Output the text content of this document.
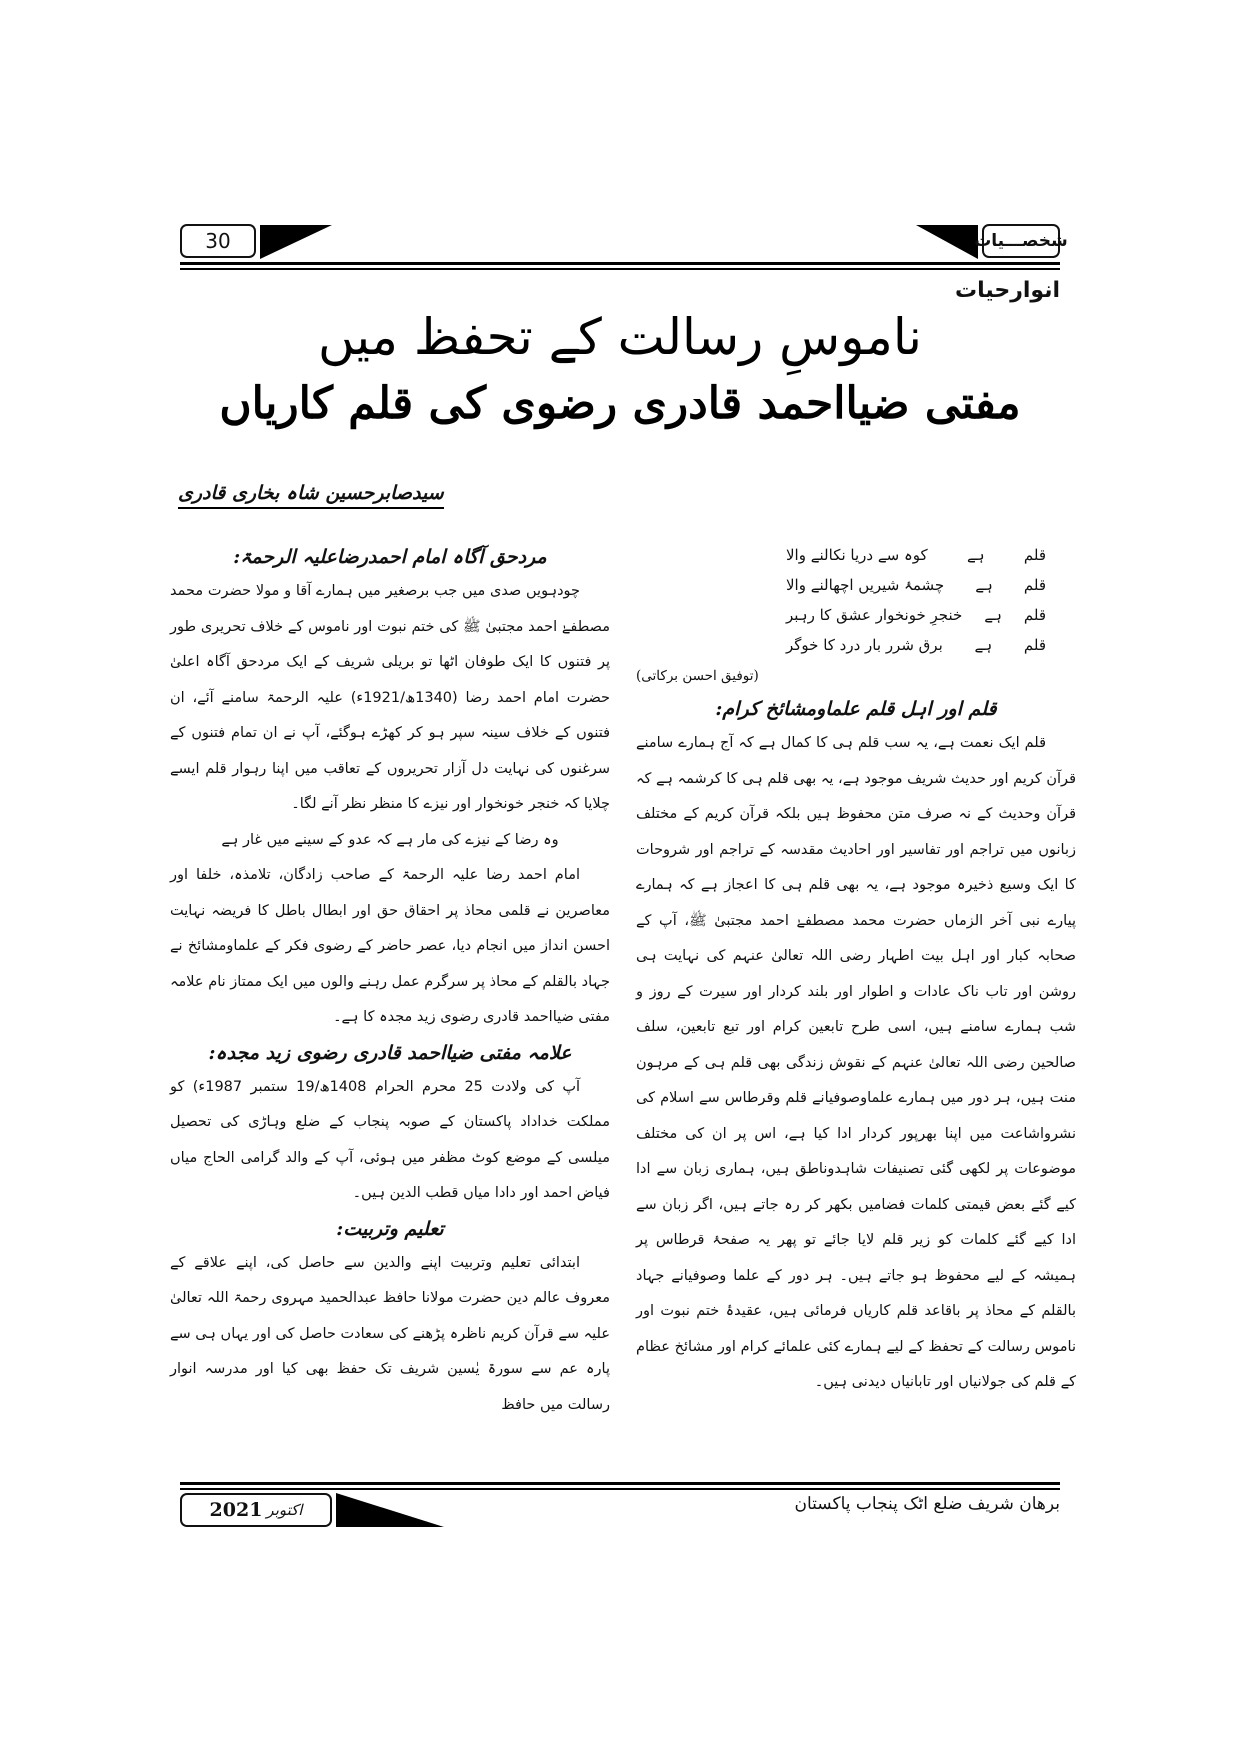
30	شخصـــیات
انوارحیات
ناموسِ رسالت کے تحفظ میں
مفتی ضیااحمد قادری رضوی کی قلم کاریاں
سیدصابرحسین شاہ بخاری قادری
قلم
ہے
کوہ سے دریا نکالنے والا
قلم
ہے
چشمۂ شیریں اچھالنے والا
قلم
ہے
خنجرِ خونخوار عشق کا رہبر
قلم
ہے
برق شرر بار درد کا خوگر
(توفیق احسن برکاتی)
قلم اور اہل قلم علماومشائخ کرام:

قلم ایک نعمت ہے، یہ سب قلم ہی کا کمال ہے کہ آج ہمارے سامنے قرآن کریم اور حدیث شریف موجود ہے، یہ بھی قلم ہی کا کرشمہ ہے کہ قرآن وحدیث کے نہ صرف متن محفوظ ہیں بلکہ قرآن کریم کے مختلف زبانوں میں تراجم اور تفاسیر اور احادیث مقدسہ کے تراجم اور شروحات کا ایک وسیع ذخیرہ موجود ہے، یہ بھی قلم ہی کا اعجاز ہے کہ ہمارے پیارے نبی آخر الزماں حضرت محمد مصطفےٰ احمد مجتبیٰ ﷺ، آپ کے صحابہ کبار اور اہل بیت اطہار رضی اللہ تعالیٰ عنہم کی نہایت ہی روشن اور تاب ناک عادات و اطوار اور بلند کردار اور سیرت کے روز و شب ہمارے سامنے ہیں، اسی طرح تابعین کرام اور تبع تابعین، سلف صالحین رضی اللہ تعالیٰ عنہم کے نقوش زندگی بھی قلم ہی کے مرہون منت ہیں، ہر دور میں ہمارے علماوصوفیانے قلم وقرطاس سے اسلام کی نشرواشاعت میں اپنا بھرپور کردار ادا کیا ہے، اس پر ان کی مختلف موضوعات پر لکھی گئی تصنیفات شاہدوناطق ہیں، ہماری زبان سے ادا کیے گئے بعض قیمتی کلمات فضامیں بکھر کر رہ جاتے ہیں، اگر زبان سے ادا کیے گئے کلمات کو زیر قلم لایا جائے تو پھر یہ صفحۂ قرطاس پر ہمیشہ کے لیے محفوظ ہو جاتے ہیں۔ ہر دور کے علما وصوفیانے جہاد بالقلم کے محاذ پر باقاعد قلم کاریاں فرمائی ہیں، عقیدۂ ختم نبوت اور ناموس رسالت کے تحفظ کے لیے ہمارے کئی علمائے کرام اور مشائخ عظام کے قلم کی جولانیاں اور تابانیاں دیدنی ہیں۔

مردحق آگاہ امام احمدرضاعلیہ الرحمۃ:

چودہویں صدی میں جب برصغیر میں ہمارے آقا و مولا حضرت محمد مصطفےٰ احمد مجتبیٰ ﷺ کی ختم نبوت اور ناموس کے خلاف تحریری طور پر فتنوں کا ایک طوفان اٹھا تو بریلی شریف کے ایک مردحق آگاہ اعلیٰ حضرت امام احمد رضا (1340ھ/1921ء) علیہ الرحمۃ سامنے آئے، ان فتنوں کے خلاف سینہ سپر ہو کر کھڑے ہوگئے، آپ نے ان تمام فتنوں کے سرغنوں کی نہایت دل آزار تحریروں کے تعاقب میں اپنا رہوار قلم ایسے چلایا کہ خنجر خونخوار اور نیزے کا منظر نظر آنے لگا۔

وہ رضا کے نیزے کی مار ہے کہ عدو کے سینے میں غار ہے

امام احمد رضا علیہ الرحمۃ کے صاحب زادگان، تلامذہ، خلفا اور معاصرین نے قلمی محاذ پر احقاق حق اور ابطال باطل کا فریضہ نہایت احسن انداز میں انجام دیا، عصر حاضر کے رضوی فکر کے علماومشائخ نے جہاد بالقلم کے محاذ پر سرگرم عمل رہنے والوں میں ایک ممتاز نام علامہ مفتی ضیااحمد قادری رضوی زید مجدہ کا ہے۔

علامہ مفتی ضیااحمد قادری رضوی زید مجدہ:

آپ کی ولادت 25 محرم الحرام 1408ھ/19 ستمبر 1987ء) کو مملکت خداداد پاکستان کے صوبہ پنجاب کے ضلع وہاڑی کی تحصیل میلسی کے موضع کوٹ مظفر میں ہوئی، آپ کے والد گرامی الحاج میاں فیاض احمد اور دادا میاں قطب الدین ہیں۔

تعلیم وتربیت:

ابتدائی تعلیم وتربیت اپنے والدین سے حاصل کی، اپنے علاقے کے معروف عالم دین حضرت مولانا حافظ عبدالحمید مہروی رحمۃ اللہ تعالیٰ علیہ سے قرآن کریم ناظرہ پڑھنے کی سعادت حاصل کی اور یہاں ہی سے پارہ عم سے سورۃ یٰسین شریف تک حفظ بھی کیا اور مدرسہ انوار رسالت میں حافظ

اکتوبر
2021	برھان شریف ضلع اٹک پنجاب پاکستان
